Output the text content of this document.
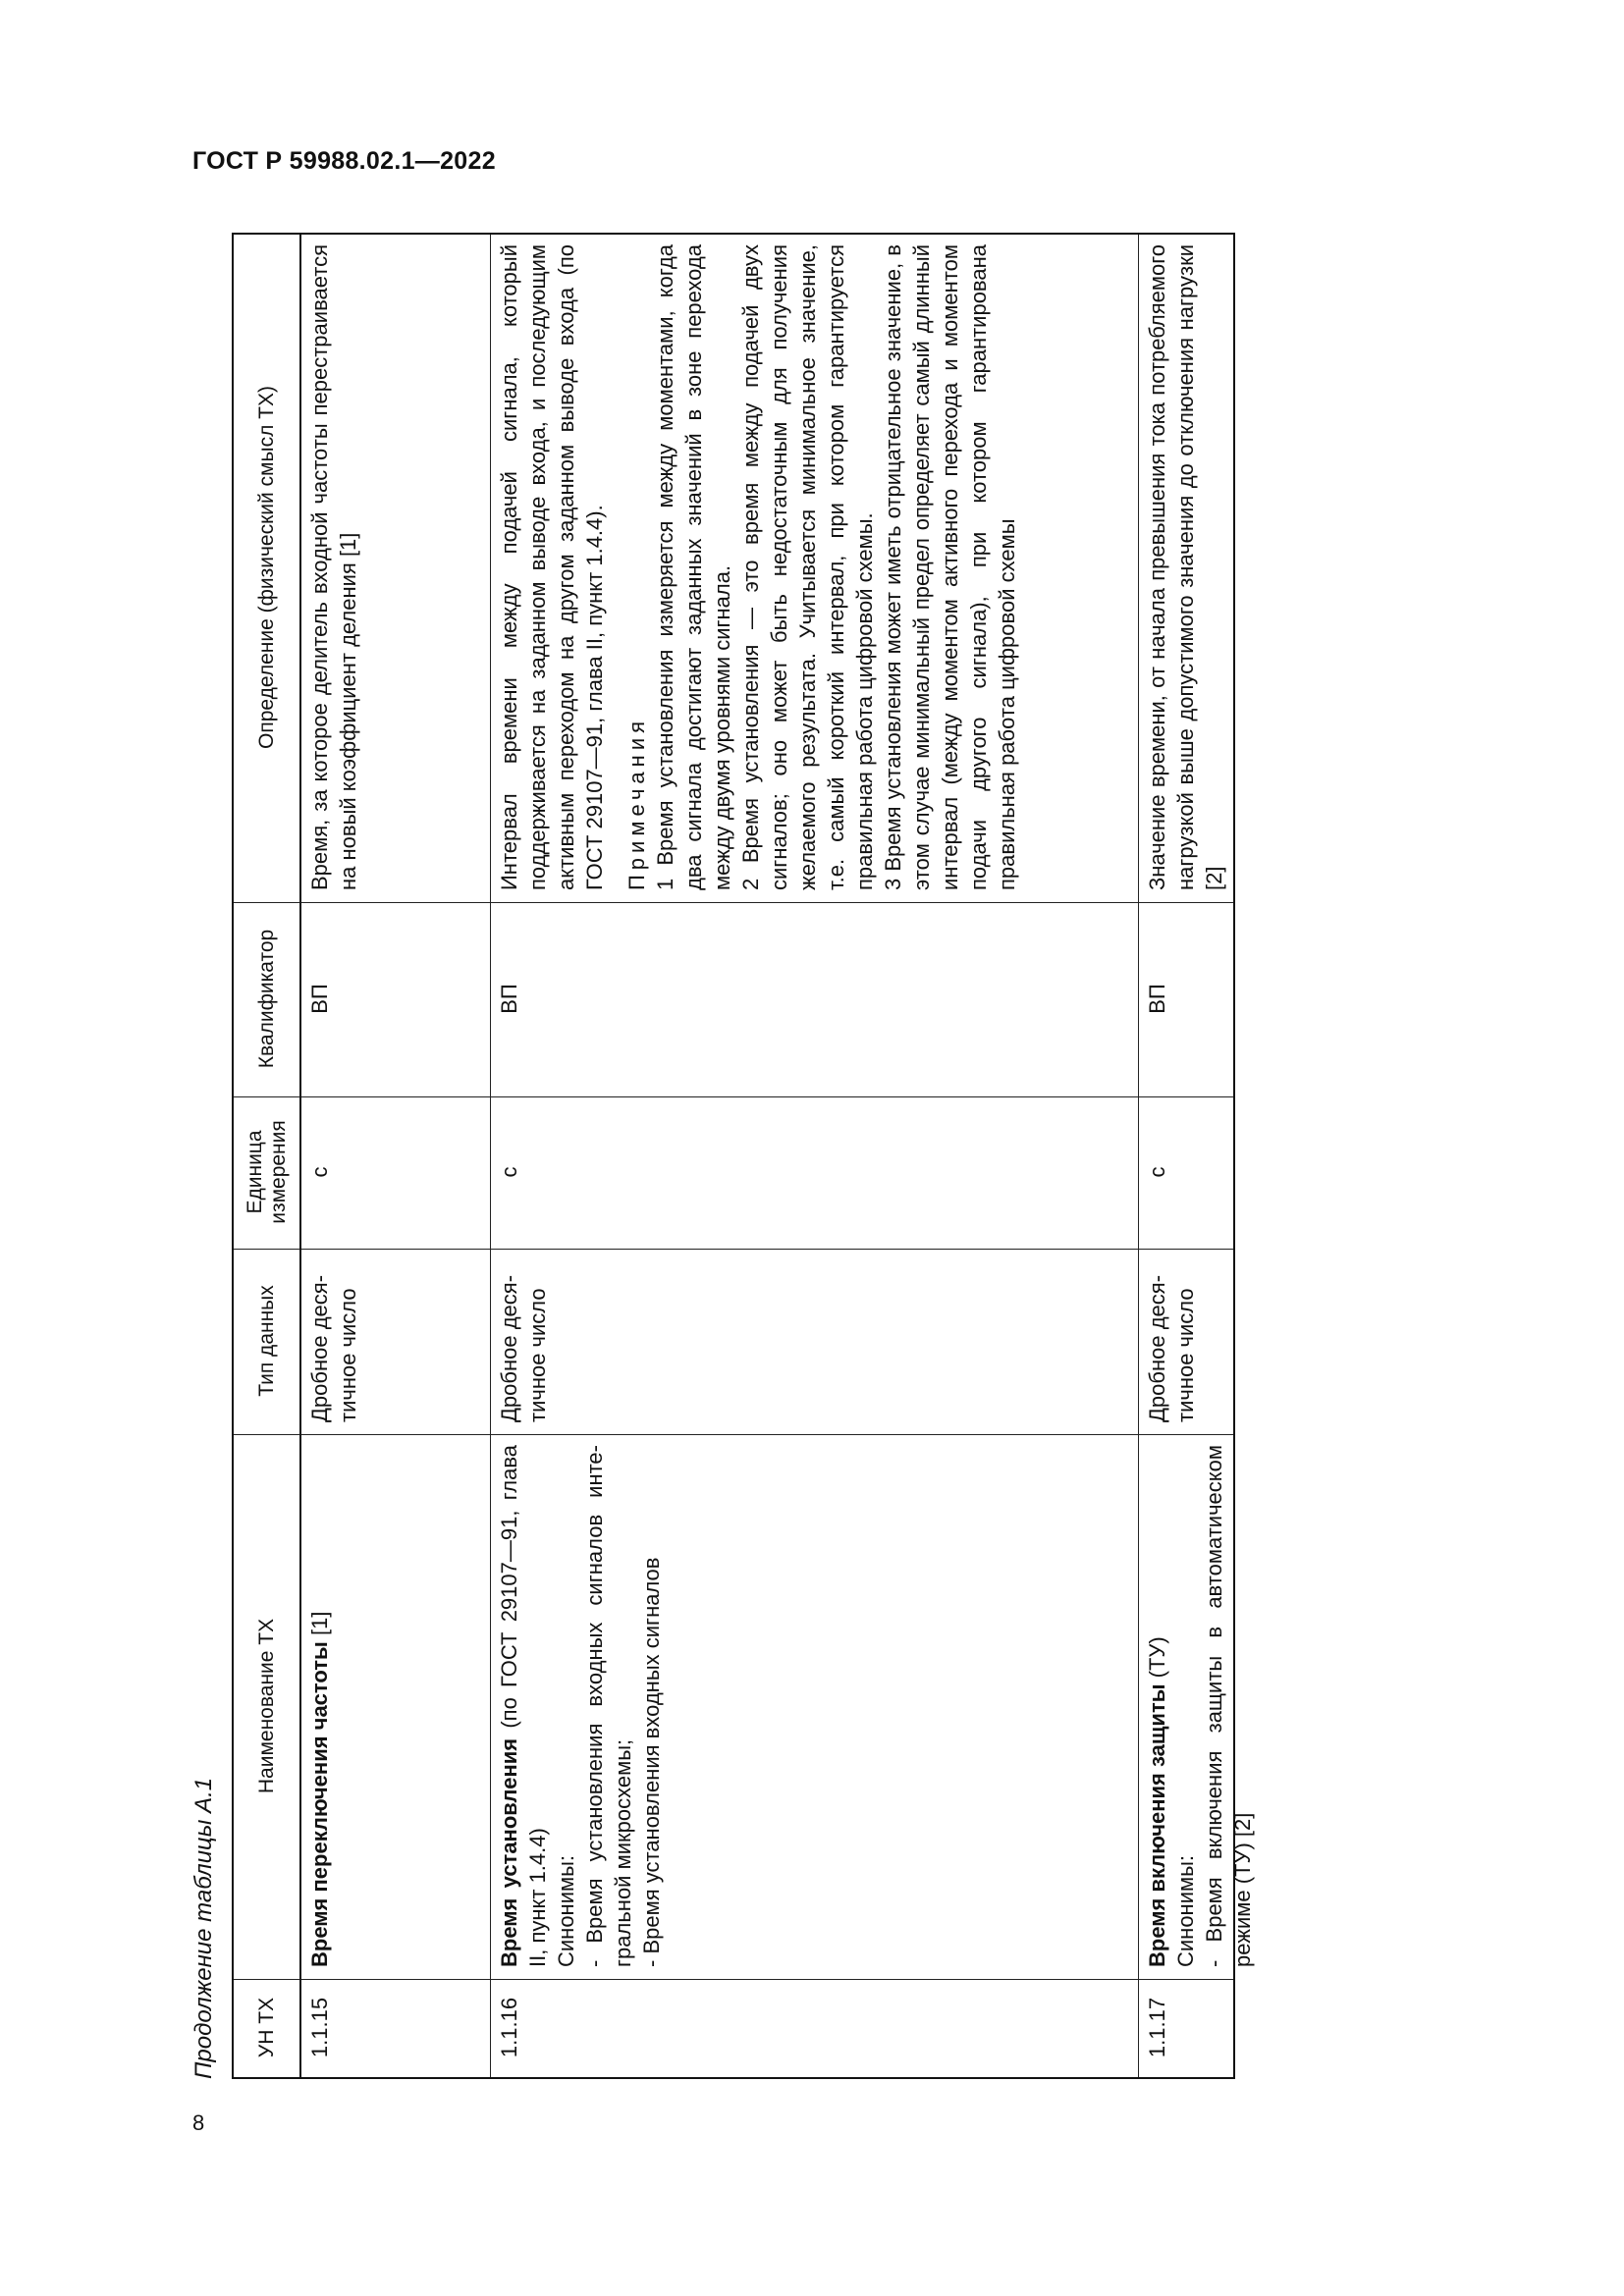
ГОСТ Р 59988.02.1—2022
Продолжение таблицы А.1	УН ТХ
Наименование ТХ
Тип данных
Единица измерения
Квалификатор
Определение (физический смысл ТХ)
1.1.15
Время переключения частоты [1]
Дробное десятичное число
с
ВП
Время, за которое делитель входной частоты перестраивается на новый коэффициент деления [1]
1.1.16
Время установления (по ГОСТ 29107—91, глава II, пункт 1.4.4) Синонимы: - Время установления входных сигналов интегральной микросхемы; - Время установления входных сигналов
Дробное десятичное число
с
ВП
Интервал времени между подачей сигнала, который поддерживается на заданном выводе входа, и последующим активным переходом на другом заданном выводе входа (по ГОСТ 29107—91, глава II, пункт 1.4.4). Примечания 1 Время установления измеряется между моментами, когда два сигнала достигают заданных значений в зоне перехода между двумя уровнями сигнала. 2 Время установления — это время между подачей двух сигналов; оно может быть недостаточным для получения желаемого результата. Учитывается минимальное значение, т.е. самый короткий интервал, при котором гарантируется правильная работа цифровой схемы. 3 Время установления может иметь отрицательное значение, в этом случае минимальный предел определяет самый длинный интервал (между моментом активного перехода и моментом подачи другого сигнала), при котором гарантирована правильная работа цифровой схемы
1.1.17
Время включения защиты (ТУ)
Синонимы: - Время включения защиты в автоматическом режиме (ТУ) [2]
Дробное десятичное число
с
ВП
Значение времени, от начала превышения тока потребляемого нагрузкой выше допустимого значения до отключения нагрузки [2]
8
